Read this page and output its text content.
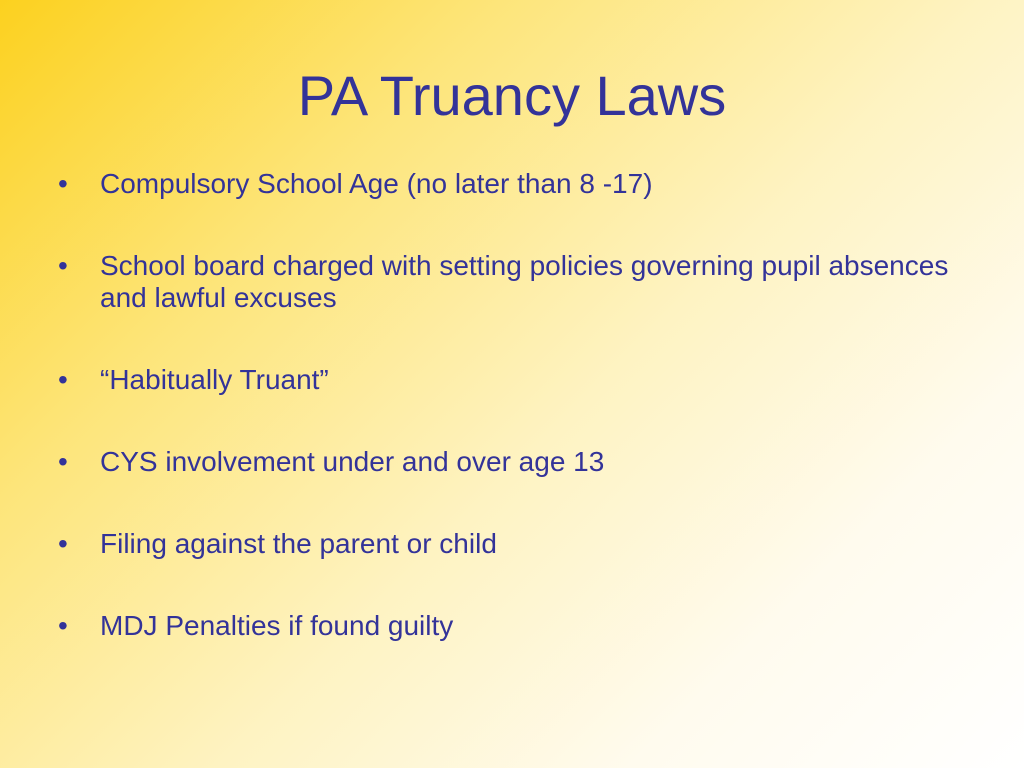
PA Truancy Laws
•	Compulsory School Age (no later than 8 -17)
•	School board charged with setting policies governing pupil absences and lawful excuses
•	“Habitually Truant”
•	CYS involvement under and over age 13
•	Filing against the parent or child
•	MDJ Penalties if found guilty
